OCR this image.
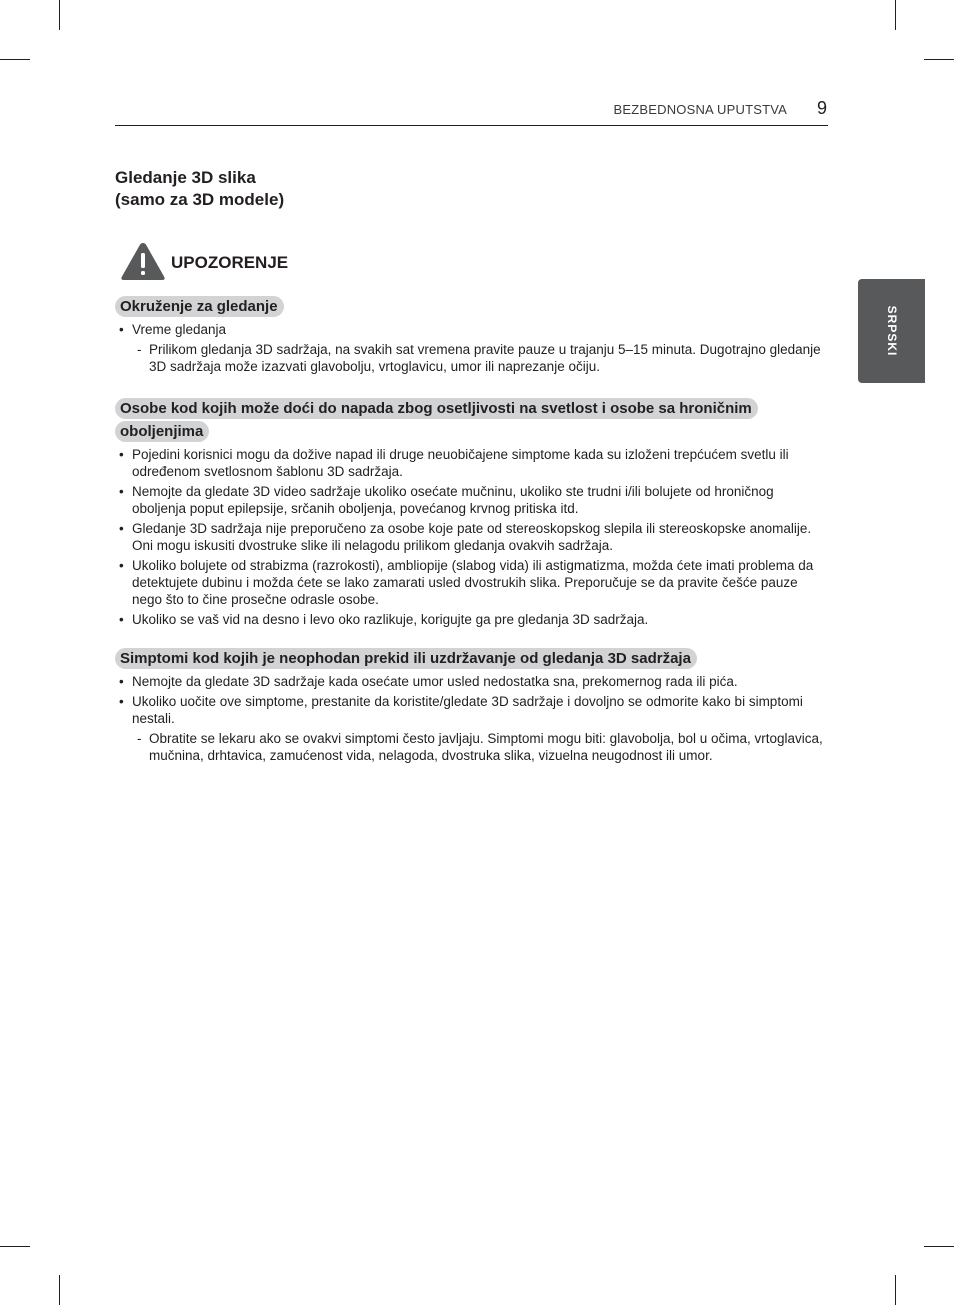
BEZBEDNOSNA UPUTSTVA 9
SRPSKI
Gledanje 3D slika
(samo za 3D modele)
UPOZORENJE
Okruženje za gledanje
• Vreme gledanja
- Prilikom gledanja 3D sadržaja, na svakih sat vremena pravite pauze u trajanju 5–15 minuta. Dugotrajno gledanje 3D sadržaja može izazvati glavobolju, vrtoglavicu, umor ili naprezanje očiju.
Osobe kod kojih može doći do napada zbog osetljivosti na svetlost i osobe sa hroničnim oboljenjima
• Pojedini korisnici mogu da dožive napad ili druge neuobičajene simptome kada su izloženi trepćućem svetlu ili određenom svetlosnom šablonu 3D sadržaja.
• Nemojte da gledate 3D video sadržaje ukoliko osećate mučninu, ukoliko ste trudni i/ili bolujete od hroničnog oboljenja poput epilepsije, srčanih oboljenja, povećanog krvnog pritiska itd.
• Gledanje 3D sadržaja nije preporučeno za osobe koje pate od stereoskopskog slepila ili stereoskopske anomalije. Oni mogu iskusiti dvostruke slike ili nelagodu prilikom gledanja ovakvih sadržaja.
• Ukoliko bolujete od strabizma (razrokosti), ambliopije (slabog vida) ili astigmatizma, možda ćete imati problema da detektujete dubinu i možda ćete se lako zamarati usled dvostrukih slika. Preporučuje se da pravite češće pauze nego što to čine prosečne odrasle osobe.
• Ukoliko se vaš vid na desno i levo oko razlikuje, korigujte ga pre gledanja 3D sadržaja.
Simptomi kod kojih je neophodan prekid ili uzdržavanje od gledanja 3D sadržaja
• Nemojte da gledate 3D sadržaje kada osećate umor usled nedostatka sna, prekomernog rada ili pića.
• Ukoliko uočite ove simptome, prestanite da koristite/gledate 3D sadržaje i dovoljno se odmorite kako bi simptomi nestali.
- Obratite se lekaru ako se ovakvi simptomi često javljaju. Simptomi mogu biti: glavobolja, bol u očima, vrtoglavica, mučnina, drhtavica, zamućenost vida, nelagoda, dvostruka slika, vizuelna neugodnost ili umor.
